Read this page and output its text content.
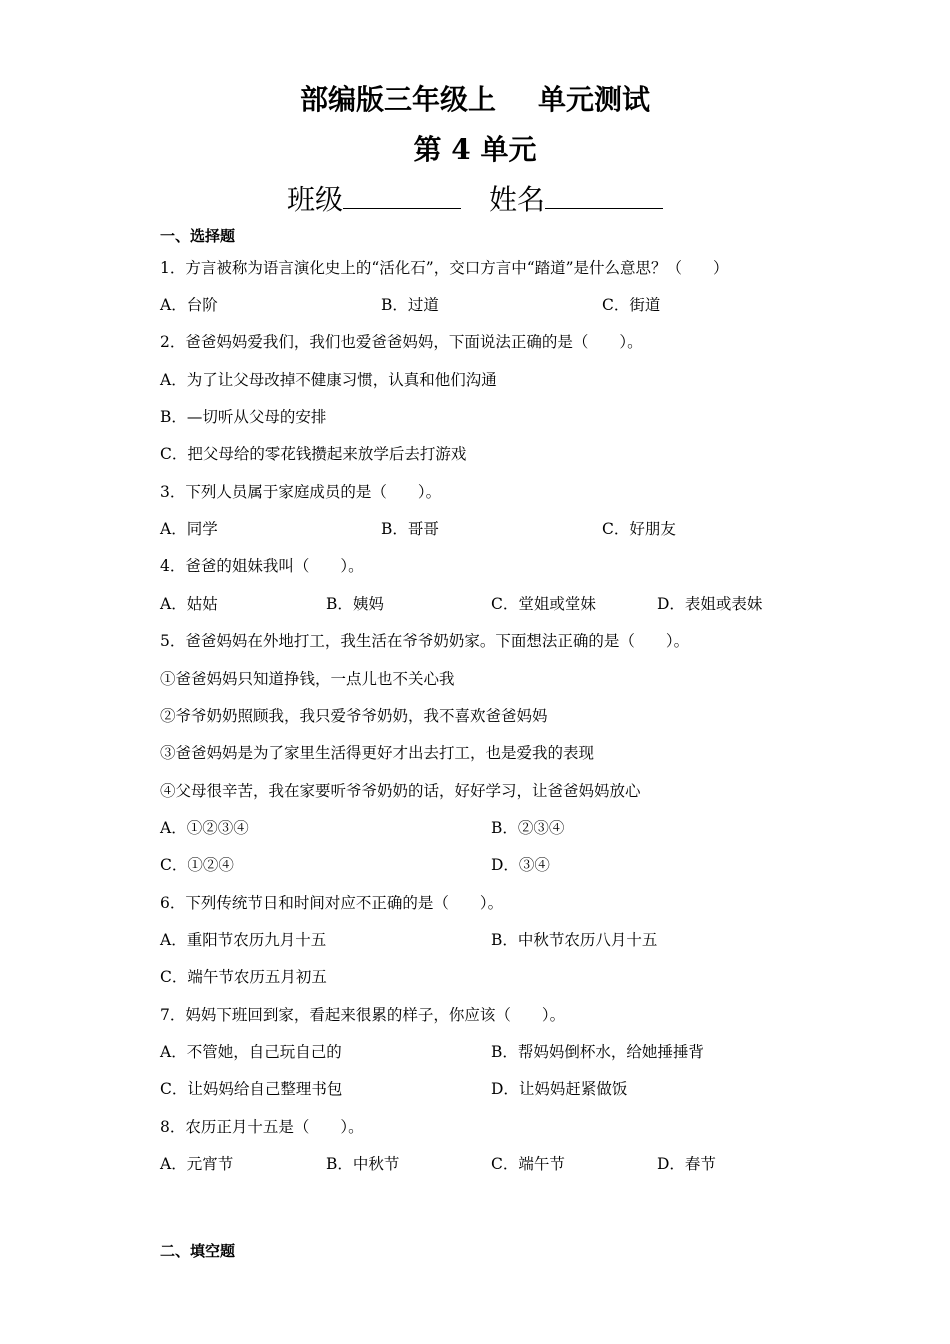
部编版三年级上 单元测试
第 4 单元
班级	姓名
一、选择题
1．方言被称为语言演化史上的“活化石”，交口方言中“踏道”是什么意思？（　　）
A．台阶	B．过道	C．街道
2．爸爸妈妈爱我们，我们也爱爸爸妈妈，下面说法正确的是（　　）。
A．为了让父母改掉不健康习惯，认真和他们沟通
B．—切听从父母的安排
C．把父母给的零花钱攒起来放学后去打游戏
3．下列人员属于家庭成员的是（　　）。
A．同学	B．哥哥	C．好朋友
4．爸爸的姐妹我叫（　　）。
A．姑姑	B．姨妈	C．堂姐或堂妹	D．表姐或表妹
5．爸爸妈妈在外地打工，我生活在爷爷奶奶家。下面想法正确的是（　　）。
①爸爸妈妈只知道挣钱，一点儿也不关心我
②爷爷奶奶照顾我，我只爱爷爷奶奶，我不喜欢爸爸妈妈
③爸爸妈妈是为了家里生活得更好才出去打工，也是爱我的表现
④父母很辛苦，我在家要听爷爷奶奶的话，好好学习，让爸爸妈妈放心
A．①②③④	B．②③④
C．①②④	D．③④
6．下列传统节日和时间对应不正确的是（　　）。
A．重阳节农历九月十五	B．中秋节农历八月十五
C．端午节农历五月初五
7．妈妈下班回到家，看起来很累的样子，你应该（　　）。
A．不管她，自己玩自己的	B．帮妈妈倒杯水，给她捶捶背
C．让妈妈给自己整理书包	D．让妈妈赶紧做饭
8．农历正月十五是（　　）。
A．元宵节	B．中秋节	C．端午节	D．春节
二、填空题
